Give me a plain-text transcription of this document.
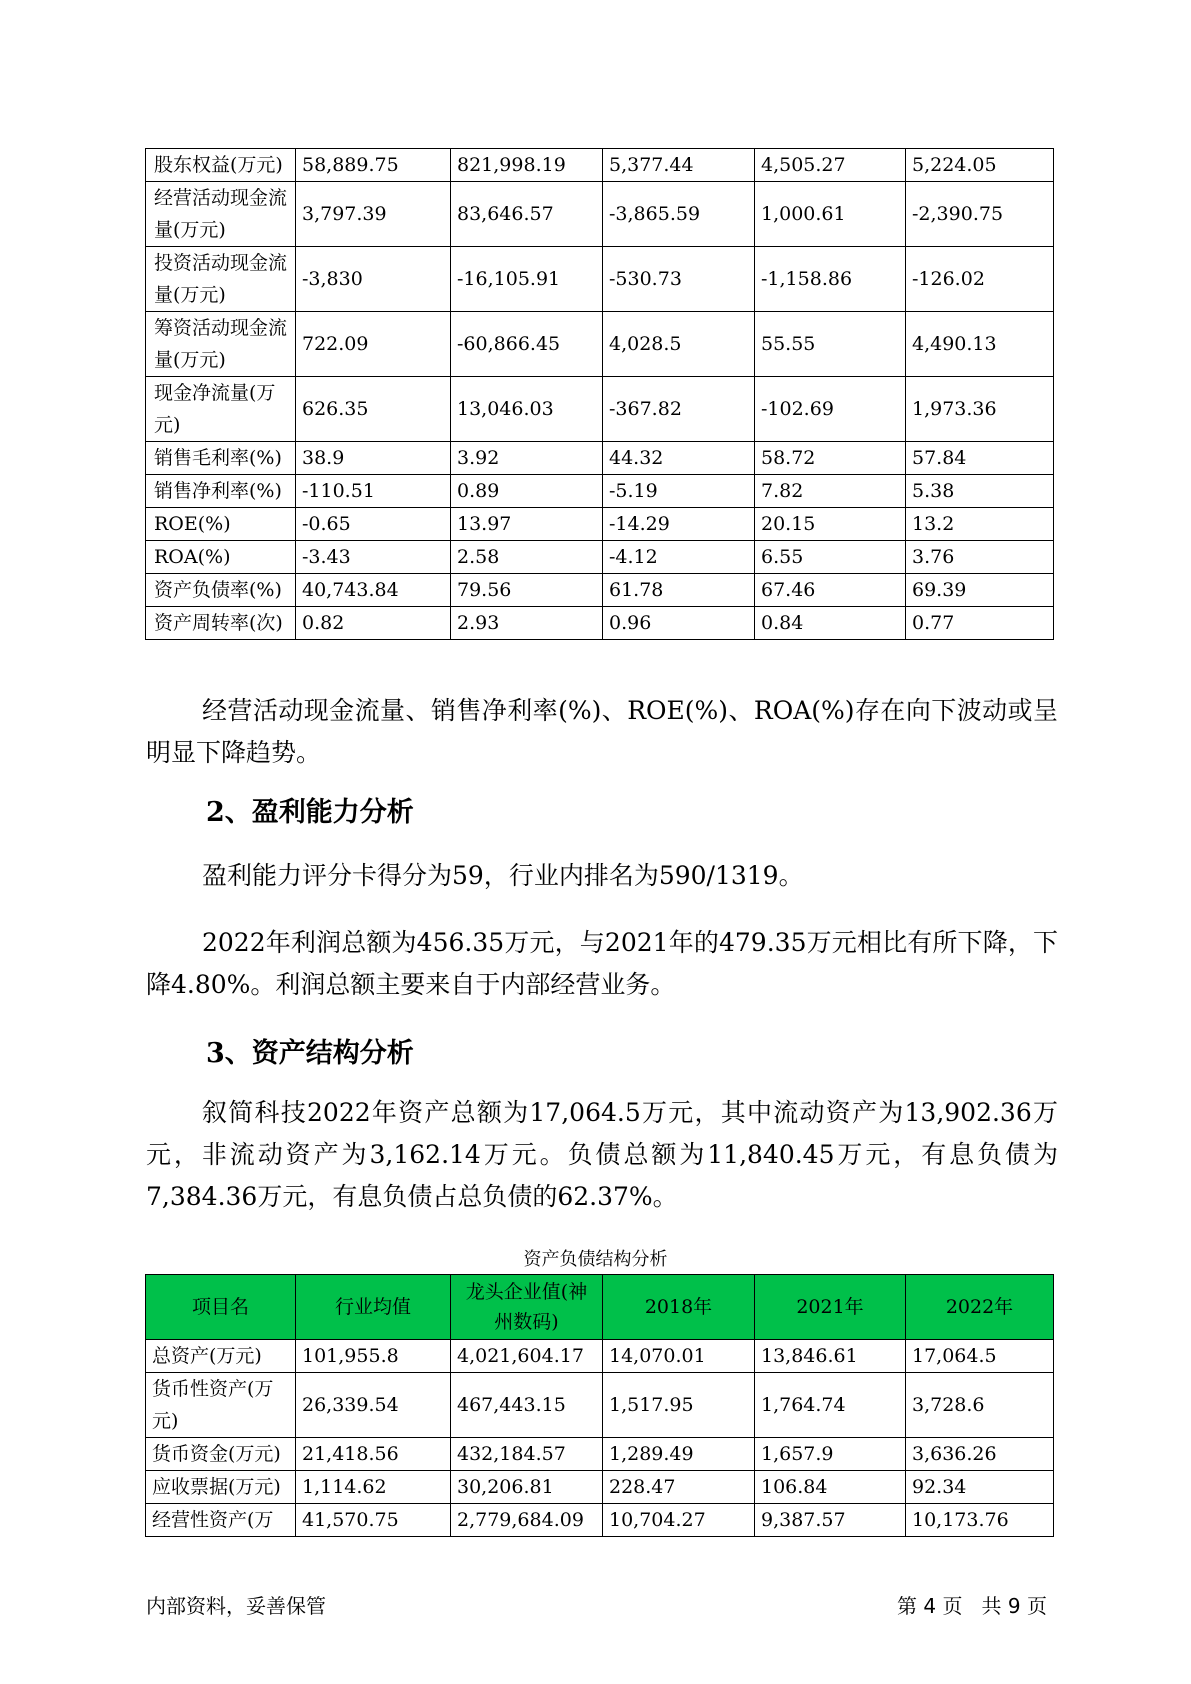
股东权益(万元)	58,889.75	821,998.19	5,377.44	4,505.27	5,224.05
经营活动现金流量(万元)	3,797.39	83,646.57	-3,865.59	1,000.61	-2,390.75
投资活动现金流量(万元)	-3,830	-16,105.91	-530.73	-1,158.86	-126.02
筹资活动现金流量(万元)	722.09	-60,866.45	4,028.5	55.55	4,490.13
现金净流量(万元)	626.35	13,046.03	-367.82	-102.69	1,973.36
销售毛利率(%)	38.9	3.92	44.32	58.72	57.84
销售净利率(%)	-110.51	0.89	-5.19	7.82	5.38
ROE(%)	-0.65	13.97	-14.29	20.15	13.2
ROA(%)	-3.43	2.58	-4.12	6.55	3.76
资产负债率(%)	40,743.84	79.56	61.78	67.46	69.39
资产周转率(次)	0.82	2.93	0.96	0.84	0.77
经营活动现金流量、销售净利率(%)、ROE(%)、ROA(%)存在向下波动或呈明显下降趋势。
2、盈利能力分析
盈利能力评分卡得分为59，行业内排名为590/1319。
2022年利润总额为456.35万元，与2021年的479.35万元相比有所下降，下降4.80%。利润总额主要来自于内部经营业务。
3、资产结构分析
叙简科技2022年资产总额为17,064.5万元，其中流动资产为13,902.36万元，非流动资产为3,162.14万元。负债总额为11,840.45万元，有息负债为7,384.36万元，有息负债占总负债的62.37%。
资产负债结构分析
项目名	行业均值	龙头企业值(神州数码)	2018年	2021年	2022年
总资产(万元)	101,955.8	4,021,604.17	14,070.01	13,846.61	17,064.5
货币性资产(万元)	26,339.54	467,443.15	1,517.95	1,764.74	3,728.6
货币资金(万元)	21,418.56	432,184.57	1,289.49	1,657.9	3,636.26
应收票据(万元)	1,114.62	30,206.81	228.47	106.84	92.34
经营性资产(万	41,570.75	2,779,684.09	10,704.27	9,387.57	10,173.76
内部资料，妥善保管	第 4 页   共 9 页
